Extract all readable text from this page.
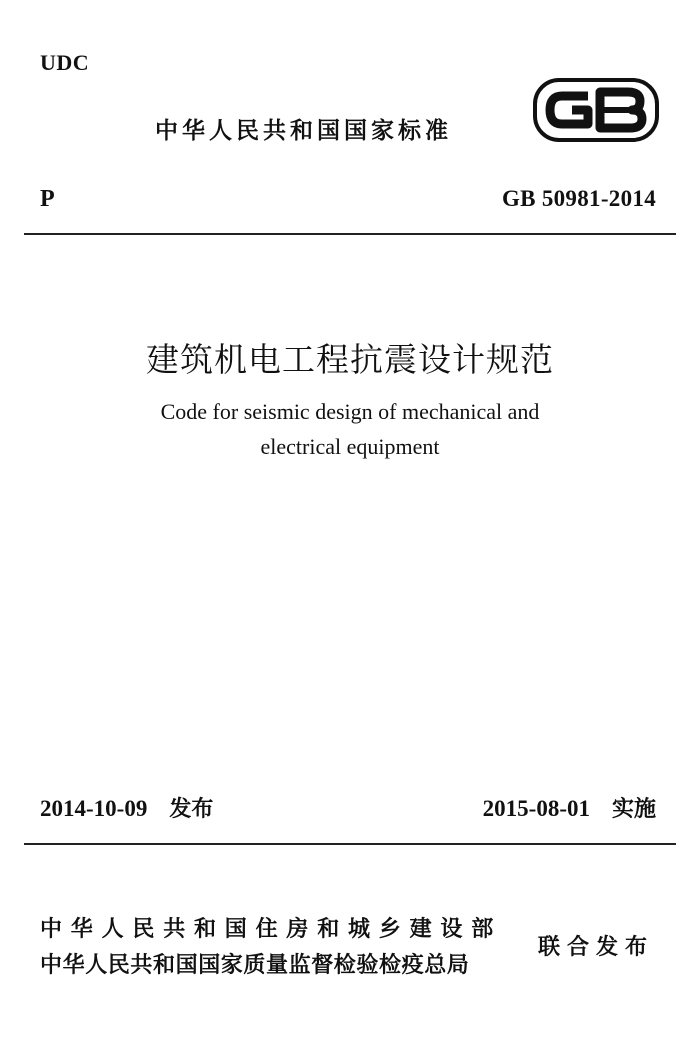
UDC
中华人民共和国国家标准
P	GB 50981-2014
建筑机电工程抗震设计规范
Code for seismic design of mechanical and
electrical equipment
2014-10-09 发布	2015-08-01 实施
中华人民共和国住房和城乡建设部
中华人民共和国国家质量监督检验检疫总局
联合发布
